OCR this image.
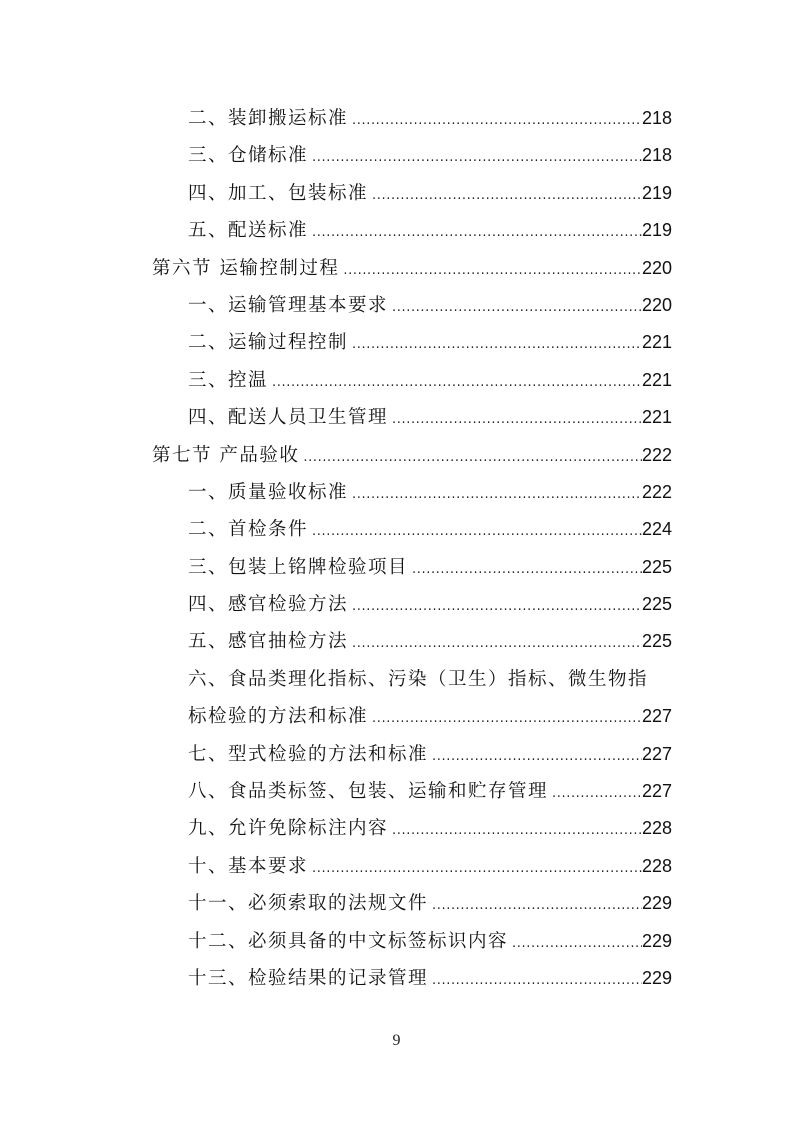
二、装卸搬运标准 .....	218
三、仓储标准 .....	218
四、加工、包装标准 .....	219
五、配送标准 .....	219
第六节 运输控制过程 .....	220
一、运输管理基本要求 .....	220
二、运输过程控制 .....	221
三、控温 .....	221
四、配送人员卫生管理 .....	221
第七节 产品验收 .....	222
一、质量验收标准 .....	222
二、首检条件 .....	224
三、包装上铭牌检验项目 .....	225
四、感官检验方法 .....	225
五、感官抽检方法 .....	225
六、食品类理化指标、污染（卫生）指标、微生物指
标检验的方法和标准 .....	227
七、型式检验的方法和标准 .....	227
八、食品类标签、包装、运输和贮存管理 .....	227
九、允许免除标注内容 .....	228
十、基本要求 .....	228
十一、必须索取的法规文件 .....	229
十二、必须具备的中文标签标识内容 .....	229
十三、检验结果的记录管理 .....	229
9
